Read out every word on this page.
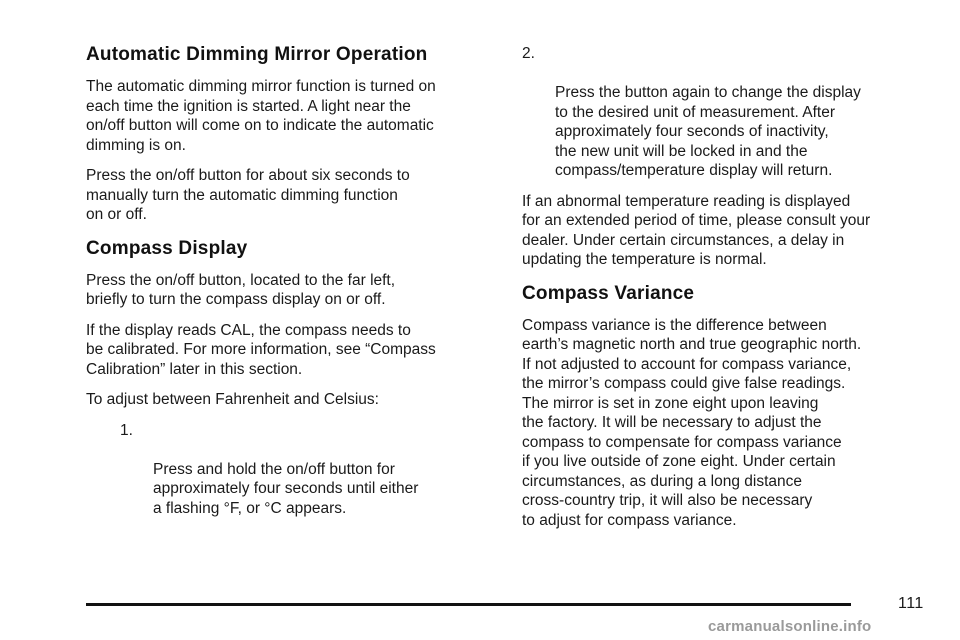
Automatic Dimming Mirror Operation

The automatic dimming mirror function is turned on
each time the ignition is started. A light near the
on/off button will come on to indicate the automatic
dimming is on.

Press the on/off button for about six seconds to
manually turn the automatic dimming function
on or off.

Compass Display

Press the on/off button, located to the far left,
briefly to turn the compass display on or off.

If the display reads CAL, the compass needs to
be calibrated. For more information, see “Compass
Calibration” later in this section.

To adjust between Fahrenheit and Celsius:

1.

Press and hold the on/off button for
approximately four seconds until either
a flashing °F, or °C appears.

2.

Press the button again to change the display
to the desired unit of measurement. After
approximately four seconds of inactivity,
the new unit will be locked in and the
compass/temperature display will return.

If an abnormal temperature reading is displayed
for an extended period of time, please consult your
dealer. Under certain circumstances, a delay in
updating the temperature is normal.

Compass Variance

Compass variance is the difference between
earth’s magnetic north and true geographic north.
If not adjusted to account for compass variance,
the mirror’s compass could give false readings.
The mirror is set in zone eight upon leaving
the factory. It will be necessary to adjust the
compass to compensate for compass variance
if you live outside of zone eight. Under certain
circumstances, as during a long distance
cross-country trip, it will also be necessary
to adjust for compass variance.

111
carmanualsonline.info
